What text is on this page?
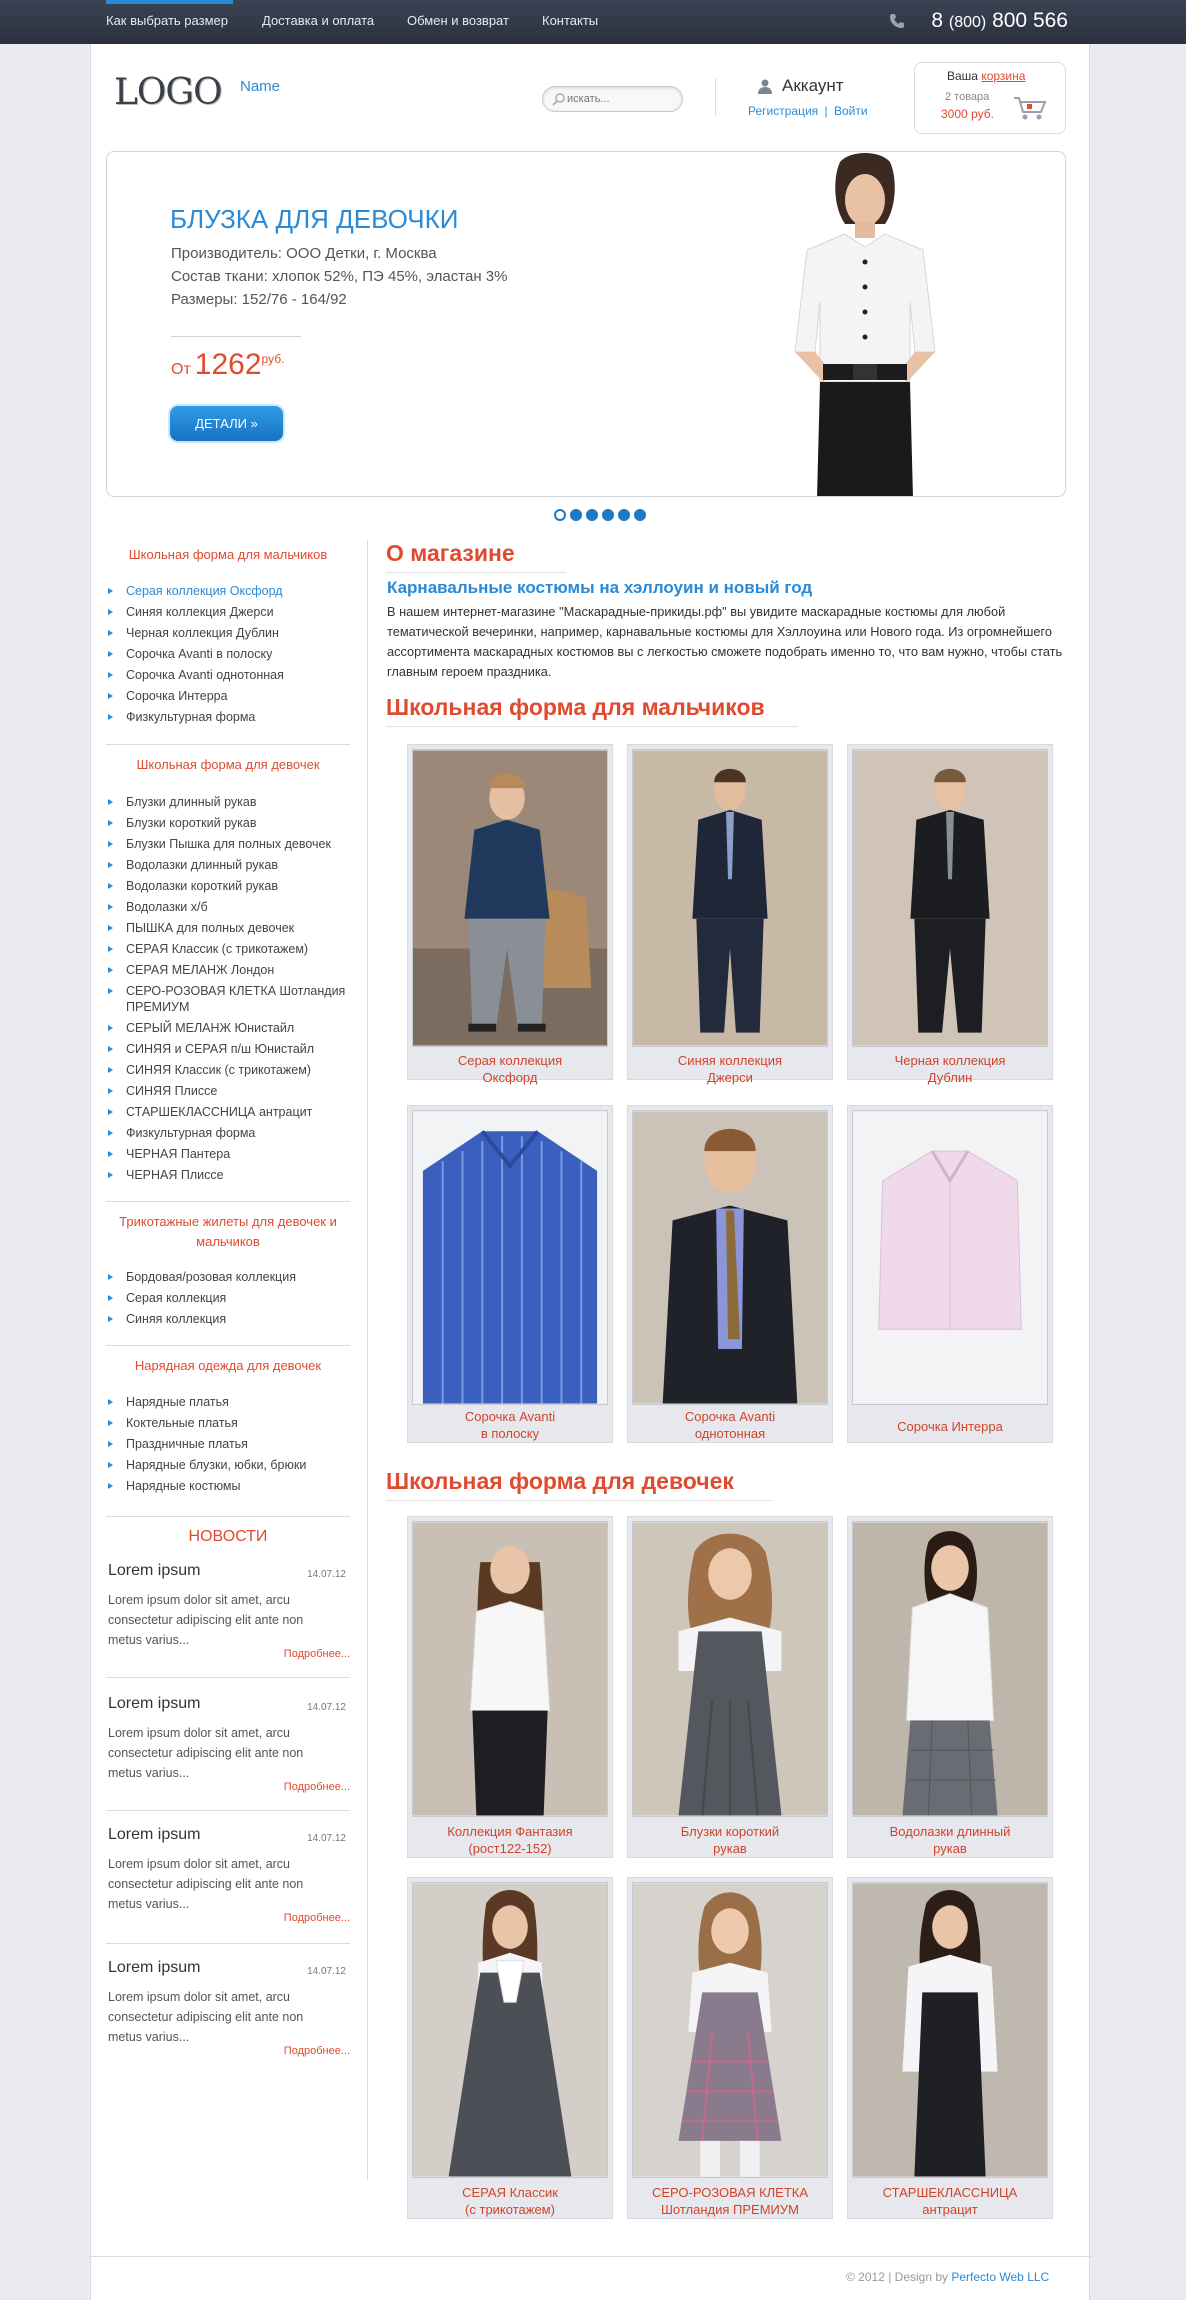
Как выбрать размер	Доставка и оплата	Обмен и возврат	Контакты	8 (800) 800 566
LOGO Name
искать...	Аккаунт
Регистрация | Войти
Ваша корзина
2 товара
3000 руб.
БЛУЗКА ДЛЯ ДЕВОЧКИ
Производитель: ООО Детки, г. Москва
Состав ткани: хлопок 52%, ПЭ 45%, эластан 3%
Размеры: 152/76 - 164/92
От $1262^{руб.}$
ДЕТАЛИ »
Школьная форма для мальчиков
Серая коллекция Оксфорд
Синяя коллекция Джерси
Черная коллекция Дублин
Сорочка Avanti в полоску
Сорочка Avanti однотонная
Сорочка Интерра
Физкультурная форма
Школьная форма для девочек
Блузки длинный рукав
Блузки короткий рукав
Блузки Пышка для полных девочек
Водолазки длинный рукав
Водолазки короткий рукав
Водолазки х/б
ПЫШКА для полных девочек
СЕРАЯ Классик (с трикотажем)
СЕРАЯ МЕЛАНЖ Лондон
СЕРО-РОЗОВАЯ КЛЕТКА Шотландия ПРЕМИУМ
СЕРЫЙ МЕЛАНЖ Юнистайл
СИНЯЯ и СЕРАЯ п/ш Юнистайл
СИНЯЯ Классик (с трикотажем)
СИНЯЯ Плиссе
СТАРШЕКЛАССНИЦА антрацит
Физкультурная форма
ЧЕРНАЯ Пантера
ЧЕРНАЯ Плиссе
Трикотажные жилеты для девочек и мальчиков
Бордовая/розовая коллекция
Серая коллекция
Синяя коллекция
Нарядная одежда для девочек
Нарядные платья
Коктельные платья
Праздничные платья
Нарядные блузки, юбки, брюки
Нарядные костюмы
НОВОСТИ
Lorem ipsum	14.07.12
Lorem ipsum dolor sit amet, arcu consectetur adipiscing elit ante non metus varius...
Подробнее...
Lorem ipsum	14.07.12
Lorem ipsum dolor sit amet, arcu consectetur adipiscing elit ante non metus varius...
Подробнее...
Lorem ipsum	14.07.12
Lorem ipsum dolor sit amet, arcu consectetur adipiscing elit ante non metus varius...
Подробнее...
Lorem ipsum	14.07.12
Lorem ipsum dolor sit amet, arcu consectetur adipiscing elit ante non metus varius...
Подробнее...
О магазине
Карнавальные костюмы на хэллоуин и новый год

В нашем интернет-магазине "Маскарадные-прикиды.рф" вы увидите маскарадные костюмы для любой тематической вечеринки, например, карнавальные костюмы для Хэллоуина или Нового года. Из огромнейшего ассортимента маскарадных костюмов вы с легкостью сможете подобрать именно то, что вам нужно, чтобы стать главным героем праздника.

Школьная форма для мальчиков
Серая коллекция
Оксфорд
Синяя коллекция
Джерси
Черная коллекция
Дублин
Сорочка Avanti
в полоску
Сорочка Avanti
однотонная	Сорочка Интерра

Школьная форма для девочек
Коллекция Фантазия
(рост122-152)
Блузки короткий
рукав
Водолазки длинный
рукав
СЕРАЯ Классик
(с трикотажем)
СЕРО-РОЗОВАЯ КЛЕТКА
Шотландия ПРЕМИУМ
СТАРШЕКЛАССНИЦА
антрацит
© 2012 | Design by Perfecto Web LLC
